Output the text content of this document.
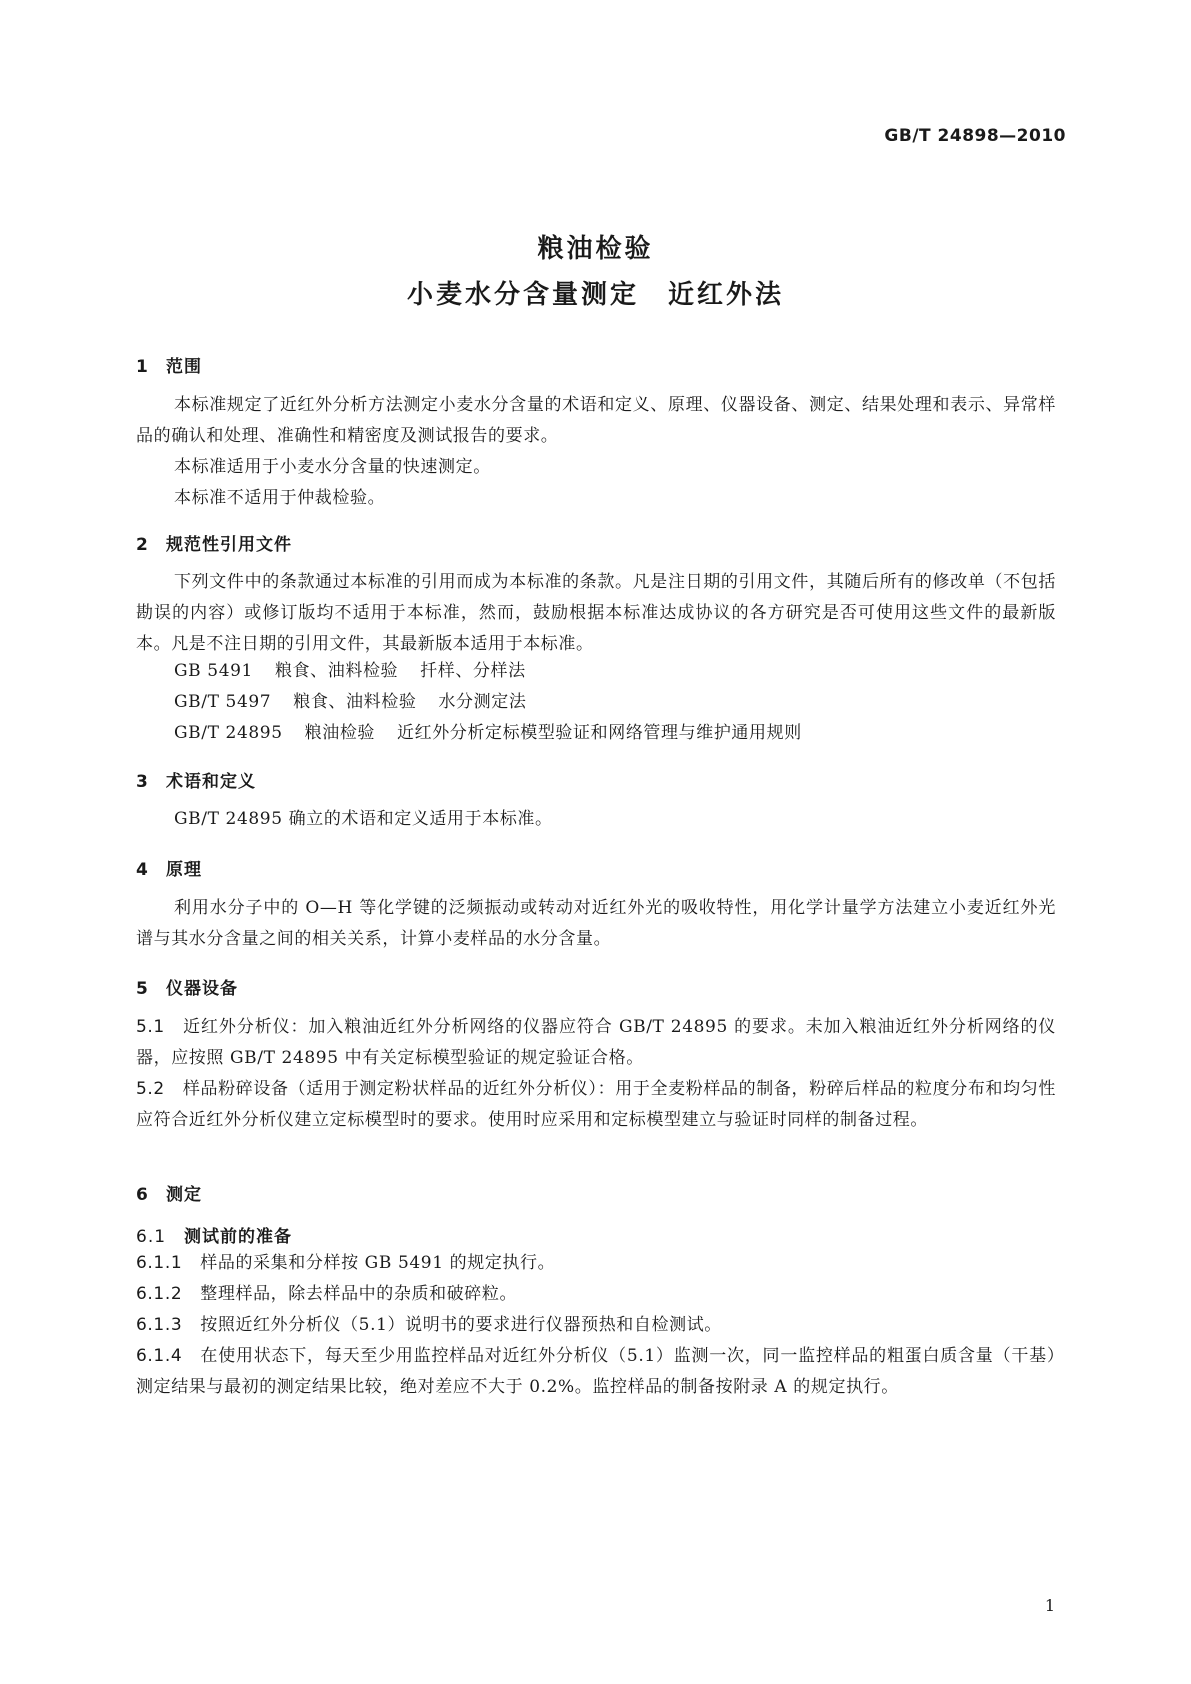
GB/T 24898—2010
粮油检验
小麦水分含量测定　近红外法
1 范围
本标准规定了近红外分析方法测定小麦水分含量的术语和定义、原理、仪器设备、测定、结果处理和表示、异常样品的确认和处理、准确性和精密度及测试报告的要求。
本标准适用于小麦水分含量的快速测定。
本标准不适用于仲裁检验。
2 规范性引用文件
下列文件中的条款通过本标准的引用而成为本标准的条款。凡是注日期的引用文件，其随后所有的修改单（不包括勘误的内容）或修订版均不适用于本标准，然而，鼓励根据本标准达成协议的各方研究是否可使用这些文件的最新版本。凡是不注日期的引用文件，其最新版本适用于本标准。
GB 5491 粮食、油料检验 扦样、分样法
GB/T 5497 粮食、油料检验 水分测定法
GB/T 24895 粮油检验 近红外分析定标模型验证和网络管理与维护通用规则
3 术语和定义
GB/T 24895 确立的术语和定义适用于本标准。
4 原理
利用水分子中的 O—H 等化学键的泛频振动或转动对近红外光的吸收特性，用化学计量学方法建立小麦近红外光谱与其水分含量之间的相关关系，计算小麦样品的水分含量。
5 仪器设备
5.1 近红外分析仪：加入粮油近红外分析网络的仪器应符合 GB/T 24895 的要求。未加入粮油近红外分析网络的仪器，应按照 GB/T 24895 中有关定标模型验证的规定验证合格。
5.2 样品粉碎设备（适用于测定粉状样品的近红外分析仪）：用于全麦粉样品的制备，粉碎后样品的粒度分布和均匀性应符合近红外分析仪建立定标模型时的要求。使用时应采用和定标模型建立与验证时同样的制备过程。
6 测定
6.1 测试前的准备
6.1.1 样品的采集和分样按 GB 5491 的规定执行。
6.1.2 整理样品，除去样品中的杂质和破碎粒。
6.1.3 按照近红外分析仪（5.1）说明书的要求进行仪器预热和自检测试。
6.1.4 在使用状态下，每天至少用监控样品对近红外分析仪（5.1）监测一次，同一监控样品的粗蛋白质含量（干基）测定结果与最初的测定结果比较，绝对差应不大于 0.2%。监控样品的制备按附录 A 的规定执行。
1
